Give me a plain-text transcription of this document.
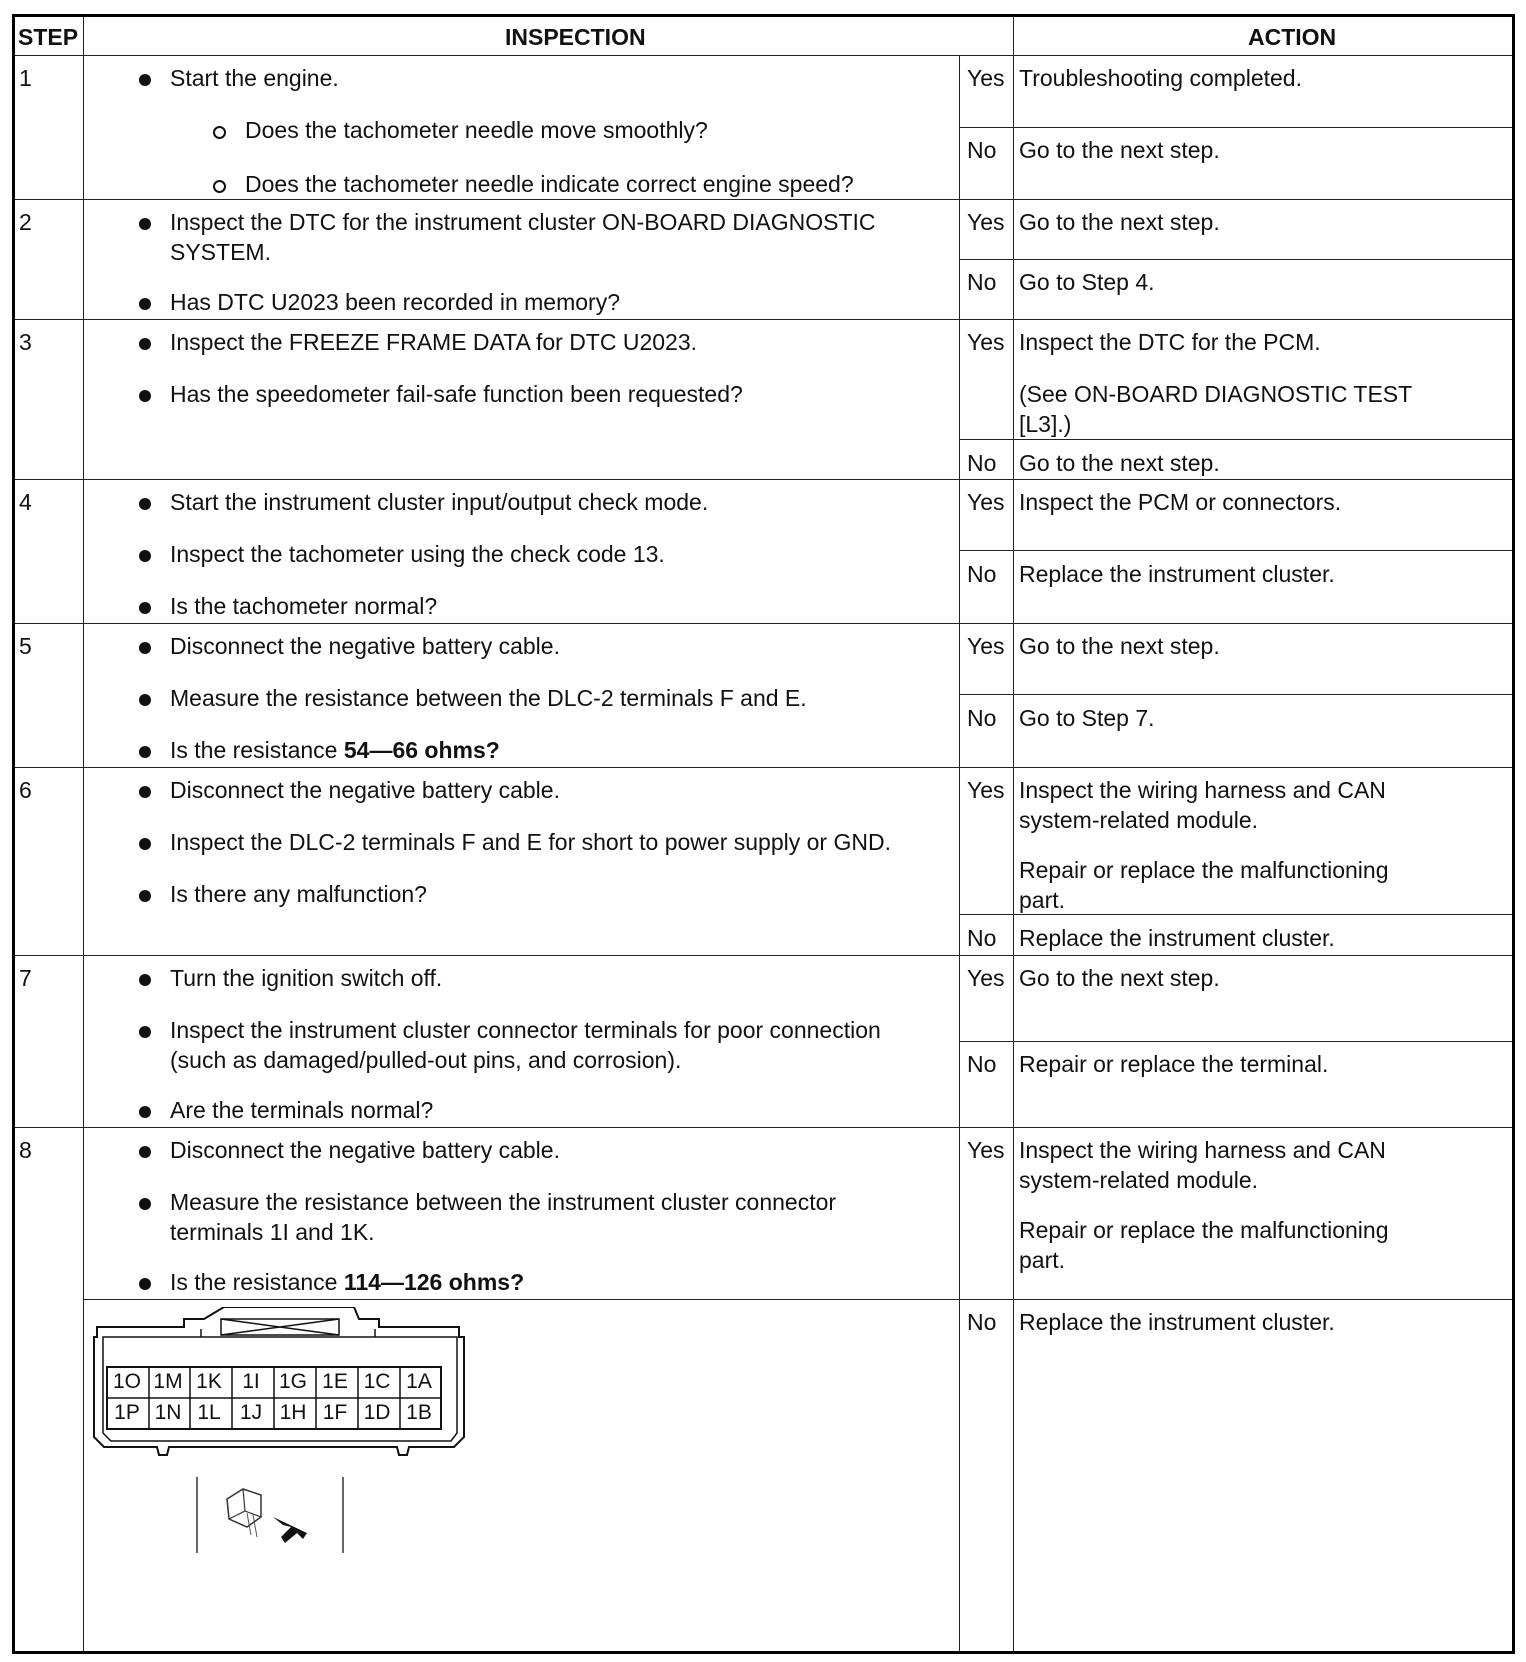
STEP	INSPECTION	ACTION
1	Start the engine.
Does the tachometer needle move smoothly?
Does the tachometer needle indicate correct engine speed?
Yes Troubleshooting completed.
No Go to the next step.
2	Inspect the DTC for the instrument cluster ON-BOARD DIAGNOSTIC
SYSTEM.
Has DTC U2023 been recorded in memory?
Yes Go to the next step.
No Go to Step 4.
3	Inspect the FREEZE FRAME DATA for DTC U2023.
Has the speedometer fail-safe function been requested?
Yes Inspect the DTC for the PCM.
(See ON-BOARD DIAGNOSTIC TEST
[L3].)
No Go to the next step.
4	Start the instrument cluster input/output check mode.
Inspect the tachometer using the check code 13.
Is the tachometer normal?
Yes Inspect the PCM or connectors.
No Replace the instrument cluster.
5	Disconnect the negative battery cable.
Measure the resistance between the DLC-2 terminals F and E.
Is the resistance 54—66 ohms?
Yes Go to the next step.
No Go to Step 7.
6	Disconnect the negative battery cable.
Inspect the DLC-2 terminals F and E for short to power supply or GND.
Is there any malfunction?
Yes Inspect the wiring harness and CAN
system-related module.
Repair or replace the malfunctioning
part.
No Replace the instrument cluster.
7	Turn the ignition switch off.
Inspect the instrument cluster connector terminals for poor connection
(such as damaged/pulled-out pins, and corrosion).
Are the terminals normal?
Yes Go to the next step.
No Repair or replace the terminal.
8	Disconnect the negative battery cable.
Measure the resistance between the instrument cluster connector
terminals 1I and 1K.
Is the resistance 114—126 ohms?
Yes Inspect the wiring harness and CAN
system-related module.
Repair or replace the malfunctioning
part.
No Replace the instrument cluster.
1O 1M 1K 1I 1G 1E 1C 1A
1P 1N 1L 1J 1H 1F 1D 1B
